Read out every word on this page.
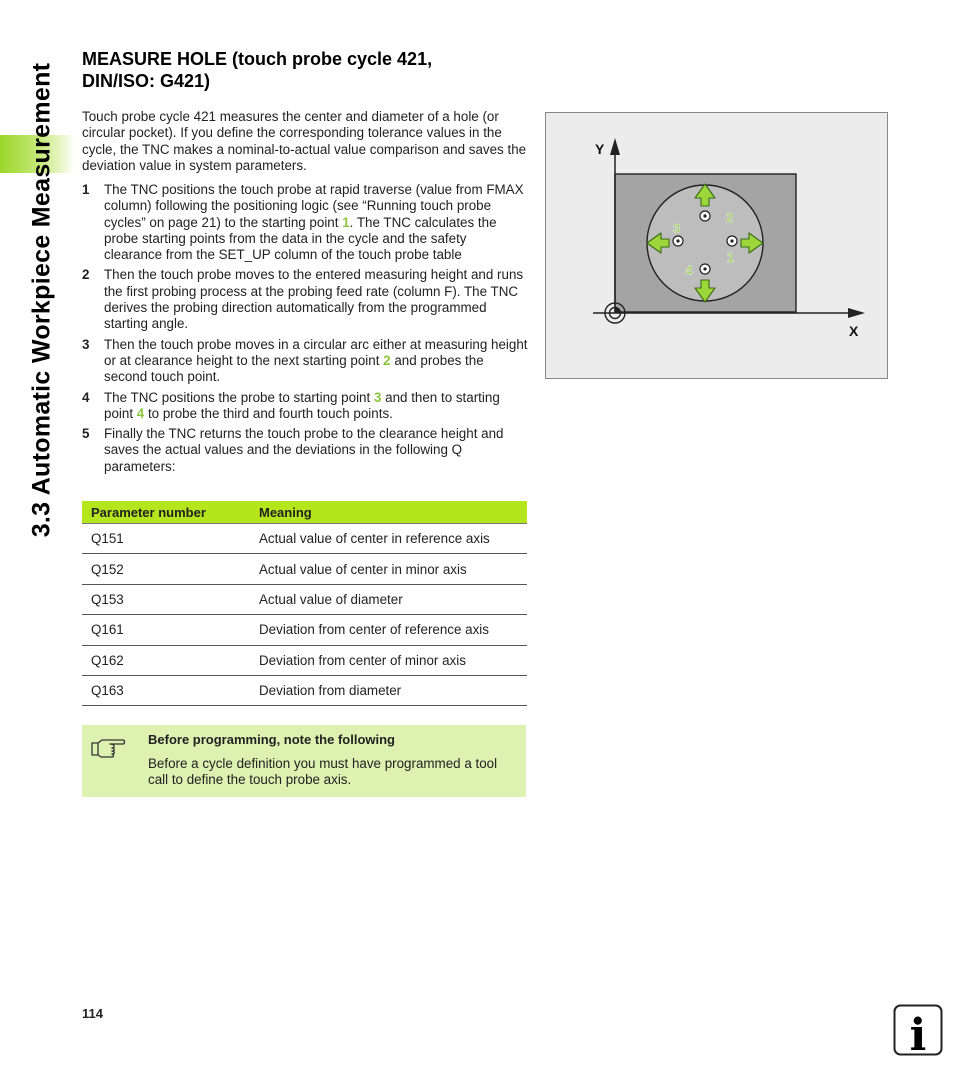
3.3 Automatic Workpiece Measurement
MEASURE HOLE (touch probe cycle 421,
DIN/ISO: G421)
Touch probe cycle 421 measures the center and diameter of a hole (or circular pocket). If you define the corresponding tolerance values in the cycle, the TNC makes a nominal-to-actual value comparison and saves the deviation value in system parameters.
1	The TNC positions the touch probe at rapid traverse (value from FMAX column) following the positioning logic (see “Running touch probe cycles” on page 21) to the starting point 1. The TNC calculates the probe starting points from the data in the cycle and the safety clearance from the SET_UP column of the touch probe table
2	Then the touch probe moves to the entered measuring height and runs the first probing process at the probing feed rate (column F). The TNC derives the probing direction automatically from the programmed starting angle.
3	Then the touch probe moves in a circular arc either at measuring height or at clearance height to the next starting point 2 and probes the second touch point.
4	The TNC positions the probe to starting point 3 and then to starting point 4 to probe the third and fourth touch points.
5	Finally the TNC returns the touch probe to the clearance height and saves the actual values and the deviations in the following Q parameters:
Parameter number	Meaning
Q151	Actual value of center in reference axis
Q152	Actual value of center in minor axis
Q153	Actual value of diameter
Q161	Deviation from center of reference axis
Q162	Deviation from center of minor axis
Q163	Deviation from diameter
Before programming, note the following
Before a cycle definition you must have programmed a tool call to define the touch probe axis.
Y
X
2
3
1
4
114	i
